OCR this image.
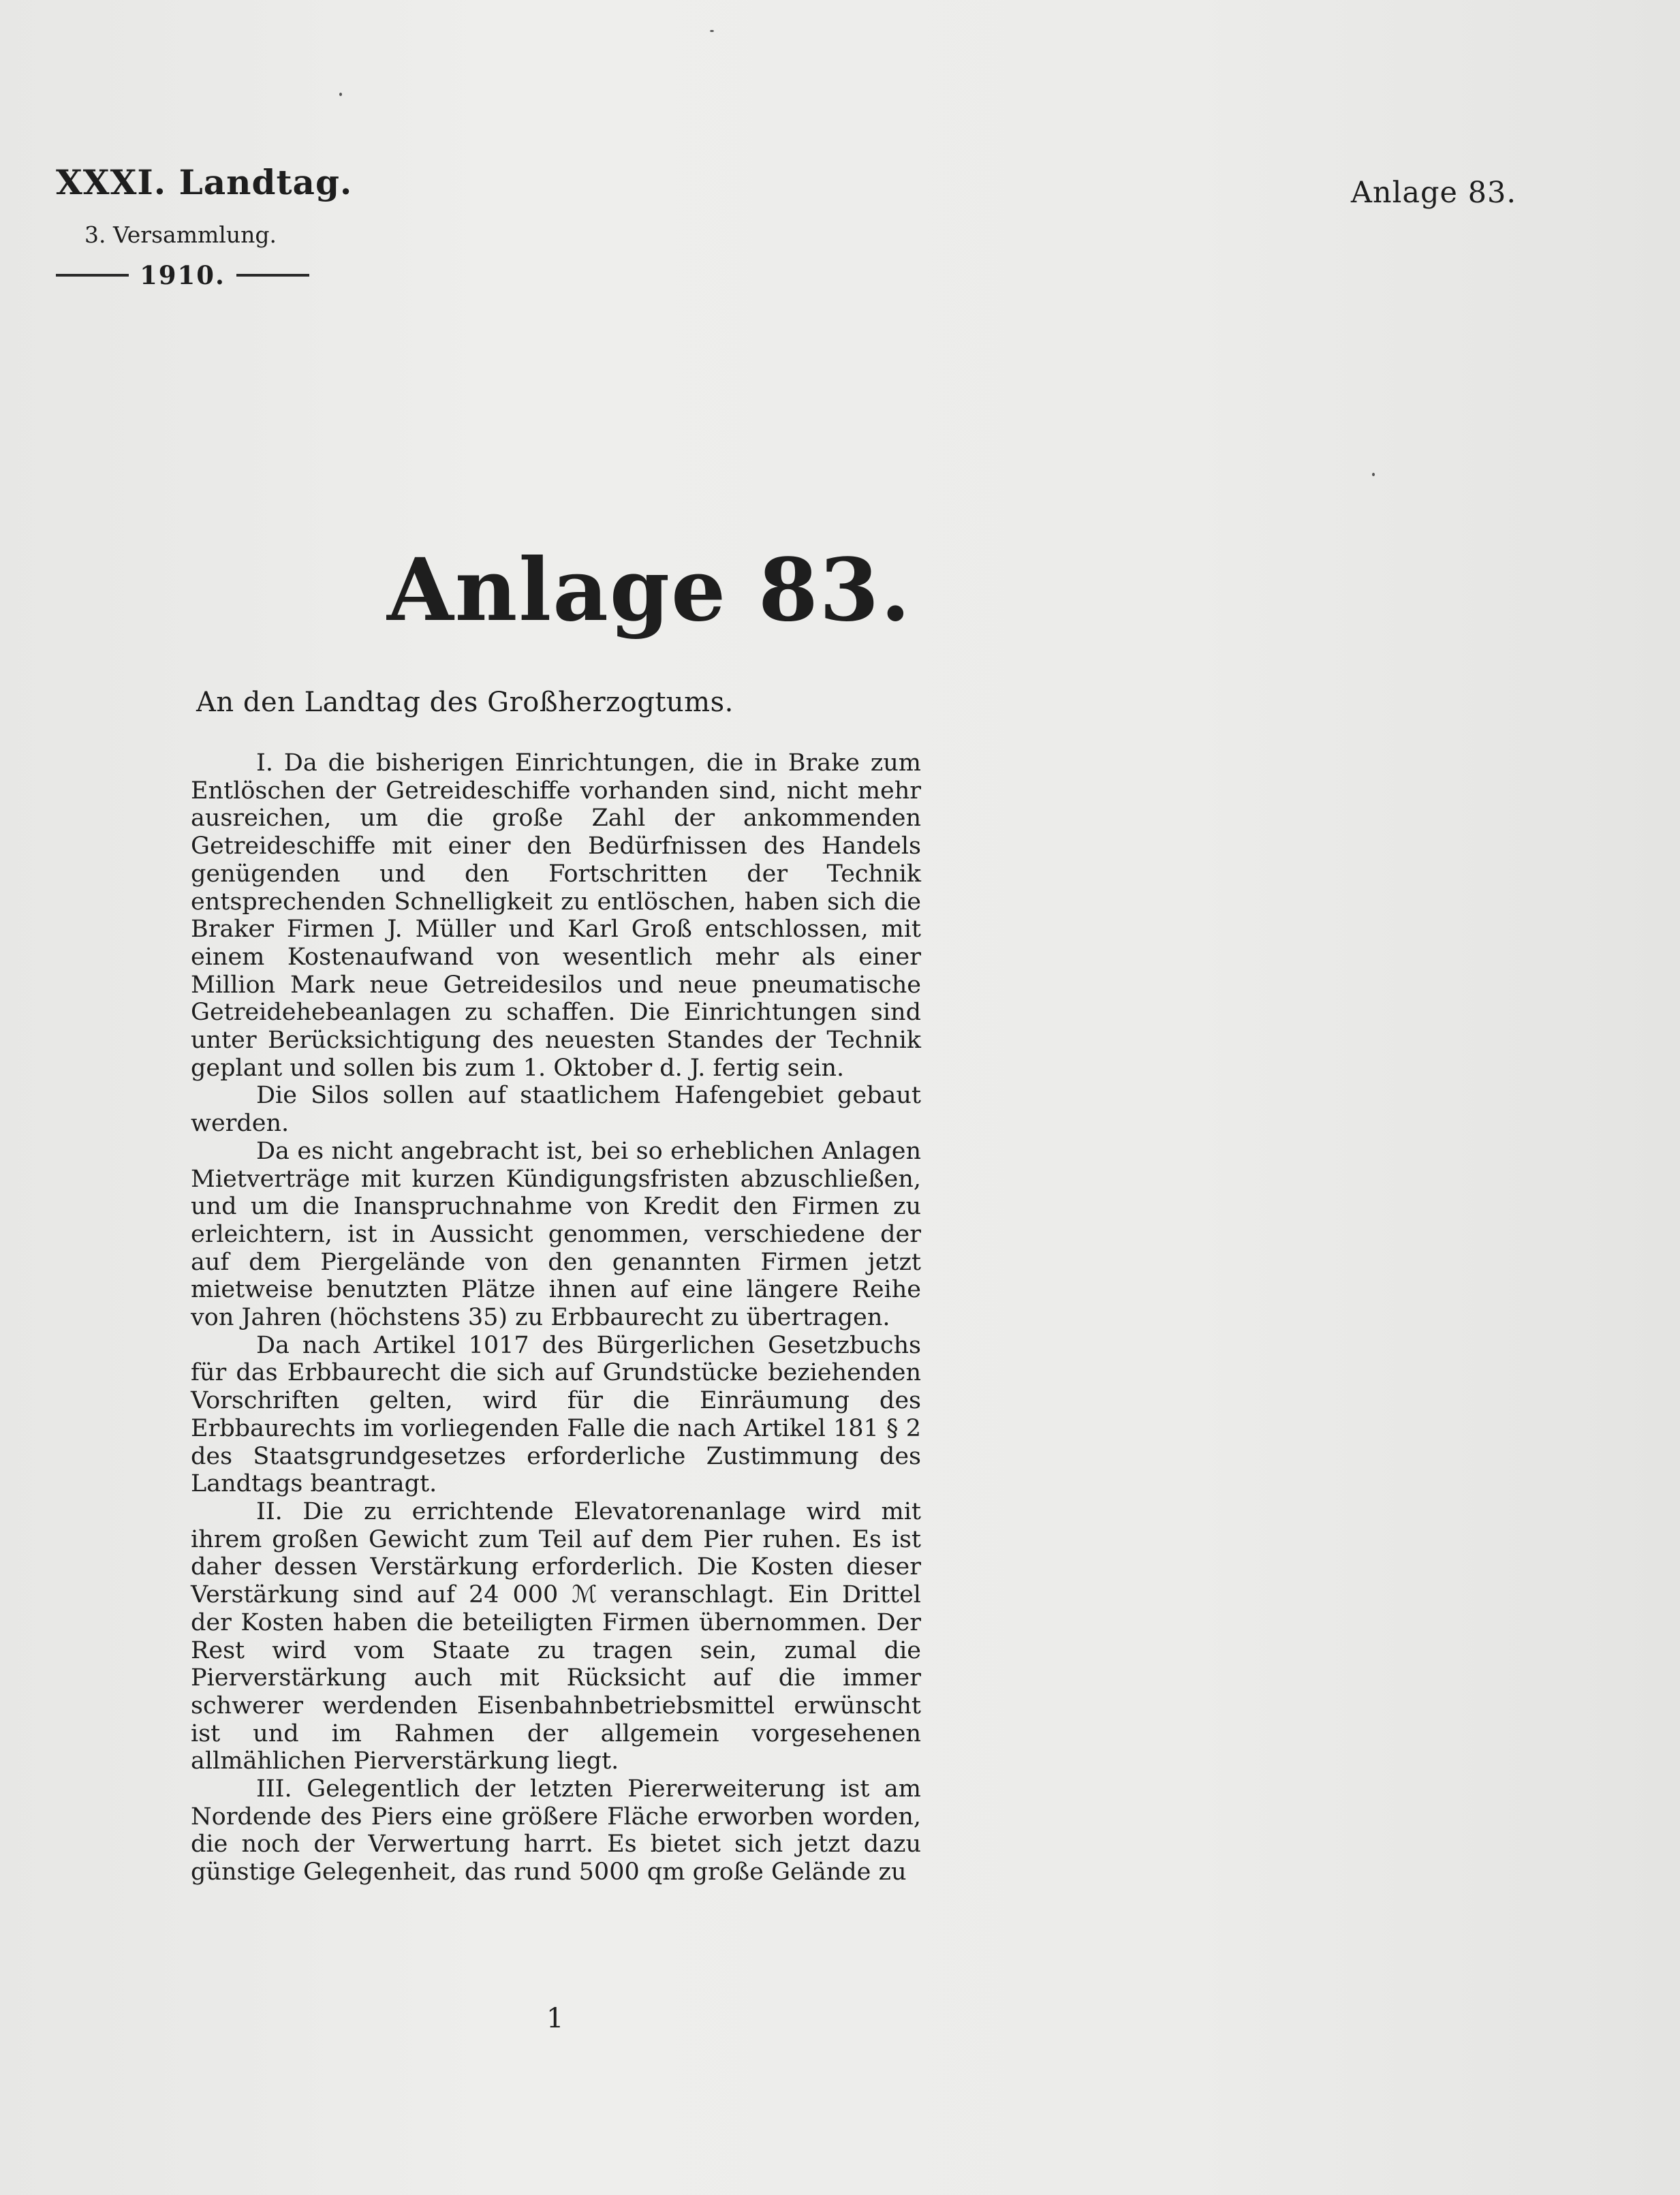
XXXI. Landtag.
3. Versammlung.
1910.
Anlage 83.
Anlage 83.
An den Landtag des Großherzogtums.

I. Da die bisherigen Einrichtungen, die in Brake zum Entlöschen der Getreideschiffe vorhanden sind, nicht mehr ausreichen, um die große Zahl der ankommenden Getreideschiffe mit einer den Bedürfnissen des Handels genügenden und den Fortschritten der Technik entsprechenden Schnelligkeit zu entlöschen, haben sich die Braker Firmen J. Müller und Karl Groß entschlossen, mit einem Kostenaufwand von wesentlich mehr als einer Million Mark neue Getreidesilos und neue pneumatische Getreidehebeanlagen zu schaffen. Die Einrichtungen sind unter Berücksichtigung des neuesten Standes der Technik geplant und sollen bis zum 1. Oktober d. J. fertig sein.

Die Silos sollen auf staatlichem Hafengebiet gebaut werden.

Da es nicht angebracht ist, bei so erheblichen Anlagen Mietverträge mit kurzen Kündigungsfristen abzuschließen, und um die Inanspruchnahme von Kredit den Firmen zu erleichtern, ist in Aussicht genommen, verschiedene der auf dem Piergelände von den genannten Firmen jetzt mietweise benutzten Plätze ihnen auf eine längere Reihe von Jahren (höchstens 35) zu Erbbaurecht zu übertragen.

Da nach Artikel 1017 des Bürgerlichen Gesetzbuchs für das Erbbaurecht die sich auf Grundstücke beziehenden Vorschriften gelten, wird für die Einräumung des Erbbaurechts im vorliegenden Falle die nach Artikel 181 § 2 des Staatsgrundgesetzes erforderliche Zustimmung des Landtags beantragt.

II. Die zu errichtende Elevatorenanlage wird mit ihrem großen Gewicht zum Teil auf dem Pier ruhen. Es ist daher dessen Verstärkung erforderlich. Die Kosten dieser Verstärkung sind auf 24 000 ℳ veranschlagt. Ein Drittel der Kosten haben die beteiligten Firmen übernommen. Der Rest wird vom Staate zu tragen sein, zumal die Pierverstärkung auch mit Rücksicht auf die immer schwerer werdenden Eisenbahnbetriebsmittel erwünscht ist und im Rahmen der allgemein vorgesehenen allmählichen Pierverstärkung liegt.

III. Gelegentlich der letzten Piererweiterung ist am Nordende des Piers eine größere Fläche erworben worden, die noch der Verwertung harrt. Es bietet sich jetzt dazu günstige Gelegenheit, das rund 5000 qm große Gelände zu

1
